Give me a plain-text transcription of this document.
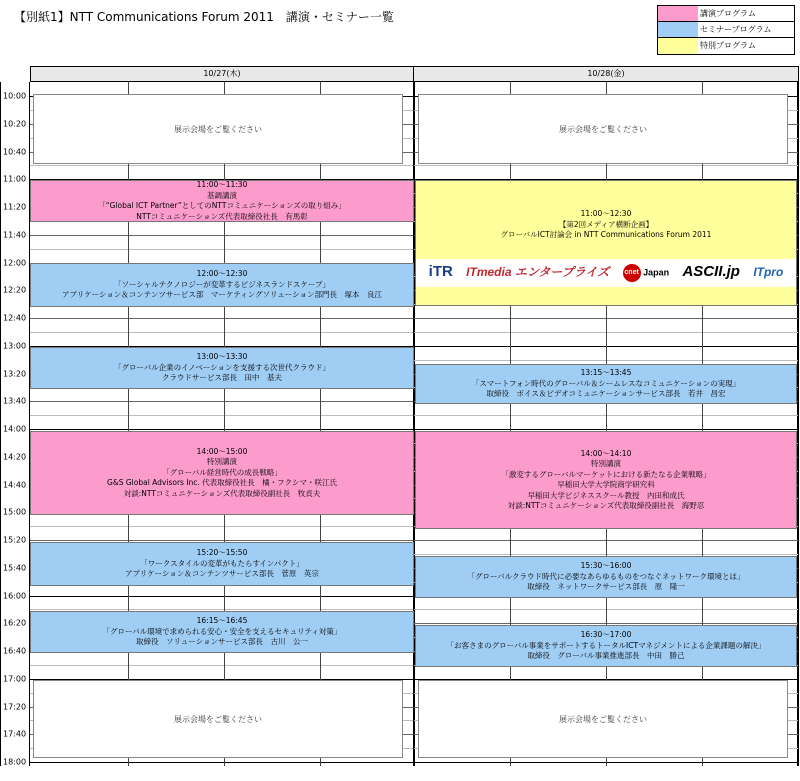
【別紙1】NTT Communications Forum 2011　講演・セミナー一覧	講演プログラム
セミナープログラム
特別プログラム
10/27(木)	10/28(金)
10:00
10:20
10:40
11:00
11:20
11:40
12:00
12:20
12:40
13:00
13:20
13:40
14:00
14:20
14:40
15:00
15:20
15:40
16:00
16:20
16:40
17:00
17:20
17:40
18:00
展示会場をご覧ください
11:00～11:30
基調講演
「“Global ICT Partner”としてのNTTコミュニケーションズの取り組み」
NTTコミュニケーションズ代表取締役社長　有馬彰
12:00～12:30
「ソーシャルテクノロジーが変革するビジネスランドスケープ」
アプリケーション＆コンテンツサービス部　マーケティングソリューション部門長　塚本　良江
13:00～13:30
「グローバル企業のイノベーションを支援する次世代クラウド」
クラウドサービス部長　田中　基夫
14:00～15:00
特別講演
「グローバル経営時代の成長戦略」
G&S Global Advisors Inc. 代表取締役社長　橘・フクシマ・咲江氏
対談:NTTコミュニケーションズ代表取締役副社長　牧貞夫
15:20～15:50
「ワークスタイルの変革がもたらすインパクト」
アプリケーション＆コンテンツサービス部長　菅原　英宗
16:15～16:45
「グローバル環境で求められる安心・安全を支えるセキュリティ対策」
取締役　ソリューションサービス部長　古川　公一
展示会場をご覧ください
展示会場をご覧ください
11:00～12:30
【第2回メディア横断企画】
グローバルICT討論会 in NTT Communications Forum 2011
iTR ITmedia エンタープライズ cnet Japan ASCII.jp ITpro
13:15～13:45
「スマートフォン時代のグローバル＆シームレスなコミュニケーションの実現」
取締役　ボイス＆ビデオコミュニケーションサービス部長　若井　昌宏
14:00～14:10
特別講演
「激変するグローバルマーケットにおける新たなる企業戦略」
早稲田大学大学院商学研究科
早稲田大学ビジネススクール教授　内田和成氏
対談:NTTコミュニケーションズ代表取締役副社長　海野忍
15:30～16:00
「グローバルクラウド時代に必要なあらゆるものをつなぐネットワーク環境とは」
取締役　ネットワークサービス部長　原　隆一
16:30～17:00
「お客さまのグローバル事業をサポートするトータルICTマネジメントによる企業課題の解決」
取締役　グローバル事業推進部長　中田　勝己
展示会場をご覧ください
